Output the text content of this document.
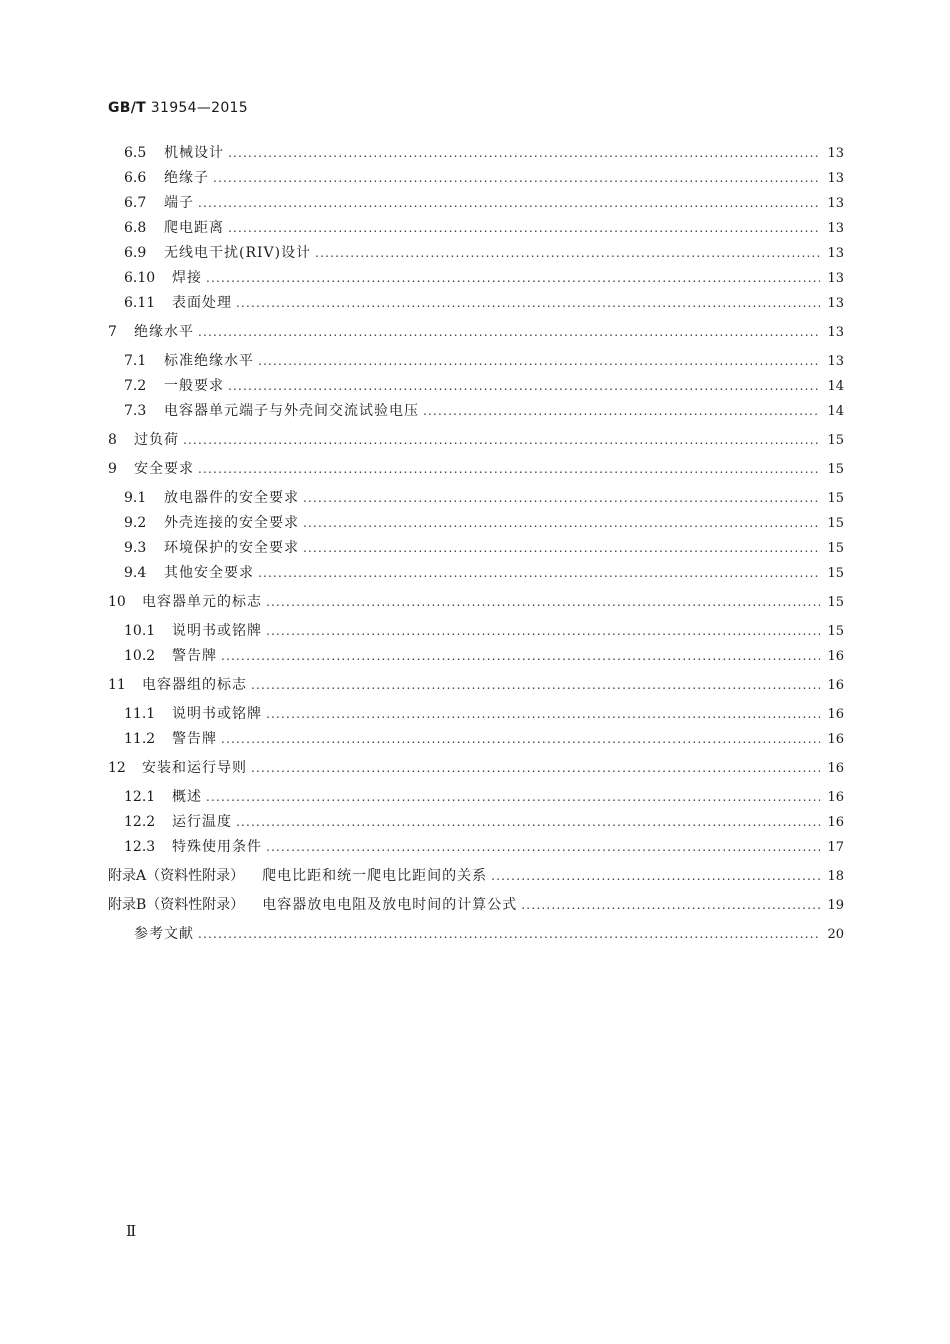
GB/T 31954—2015
6.5	机械设计 .....	13
6.6	绝缘子 .....	13
6.7	端子 .....	13
6.8	爬电距离 .....	13
6.9	无线电干扰(RIV)设计 .....	13
6.10	焊接 .....	13
6.11	表面处理 .....	13
7	绝缘水平 .....	13
7.1	标准绝缘水平 .....	13
7.2	一般要求 .....	14
7.3	电容器单元端子与外壳间交流试验电压 .....	14
8	过负荷 .....	15
9	安全要求 .....	15
9.1	放电器件的安全要求 .....	15
9.2	外壳连接的安全要求 .....	15
9.3	环境保护的安全要求 .....	15
9.4	其他安全要求 .....	15
10	电容器单元的标志 .....	15
10.1	说明书或铭牌 .....	15
10.2	警告牌 .....	16
11	电容器组的标志 .....	16
11.1	说明书或铭牌 .....	16
11.2	警告牌 .....	16
12	安装和运行导则 .....	16
12.1	概述 .....	16
12.2	运行温度 .....	16
12.3	特殊使用条件 .....	17
附录A（资料性附录） 爬电比距和统一爬电比距间的关系 .....	18
附录B（资料性附录） 电容器放电电阻及放电时间的计算公式 .....	19
参考文献 .....	20
Ⅱ
